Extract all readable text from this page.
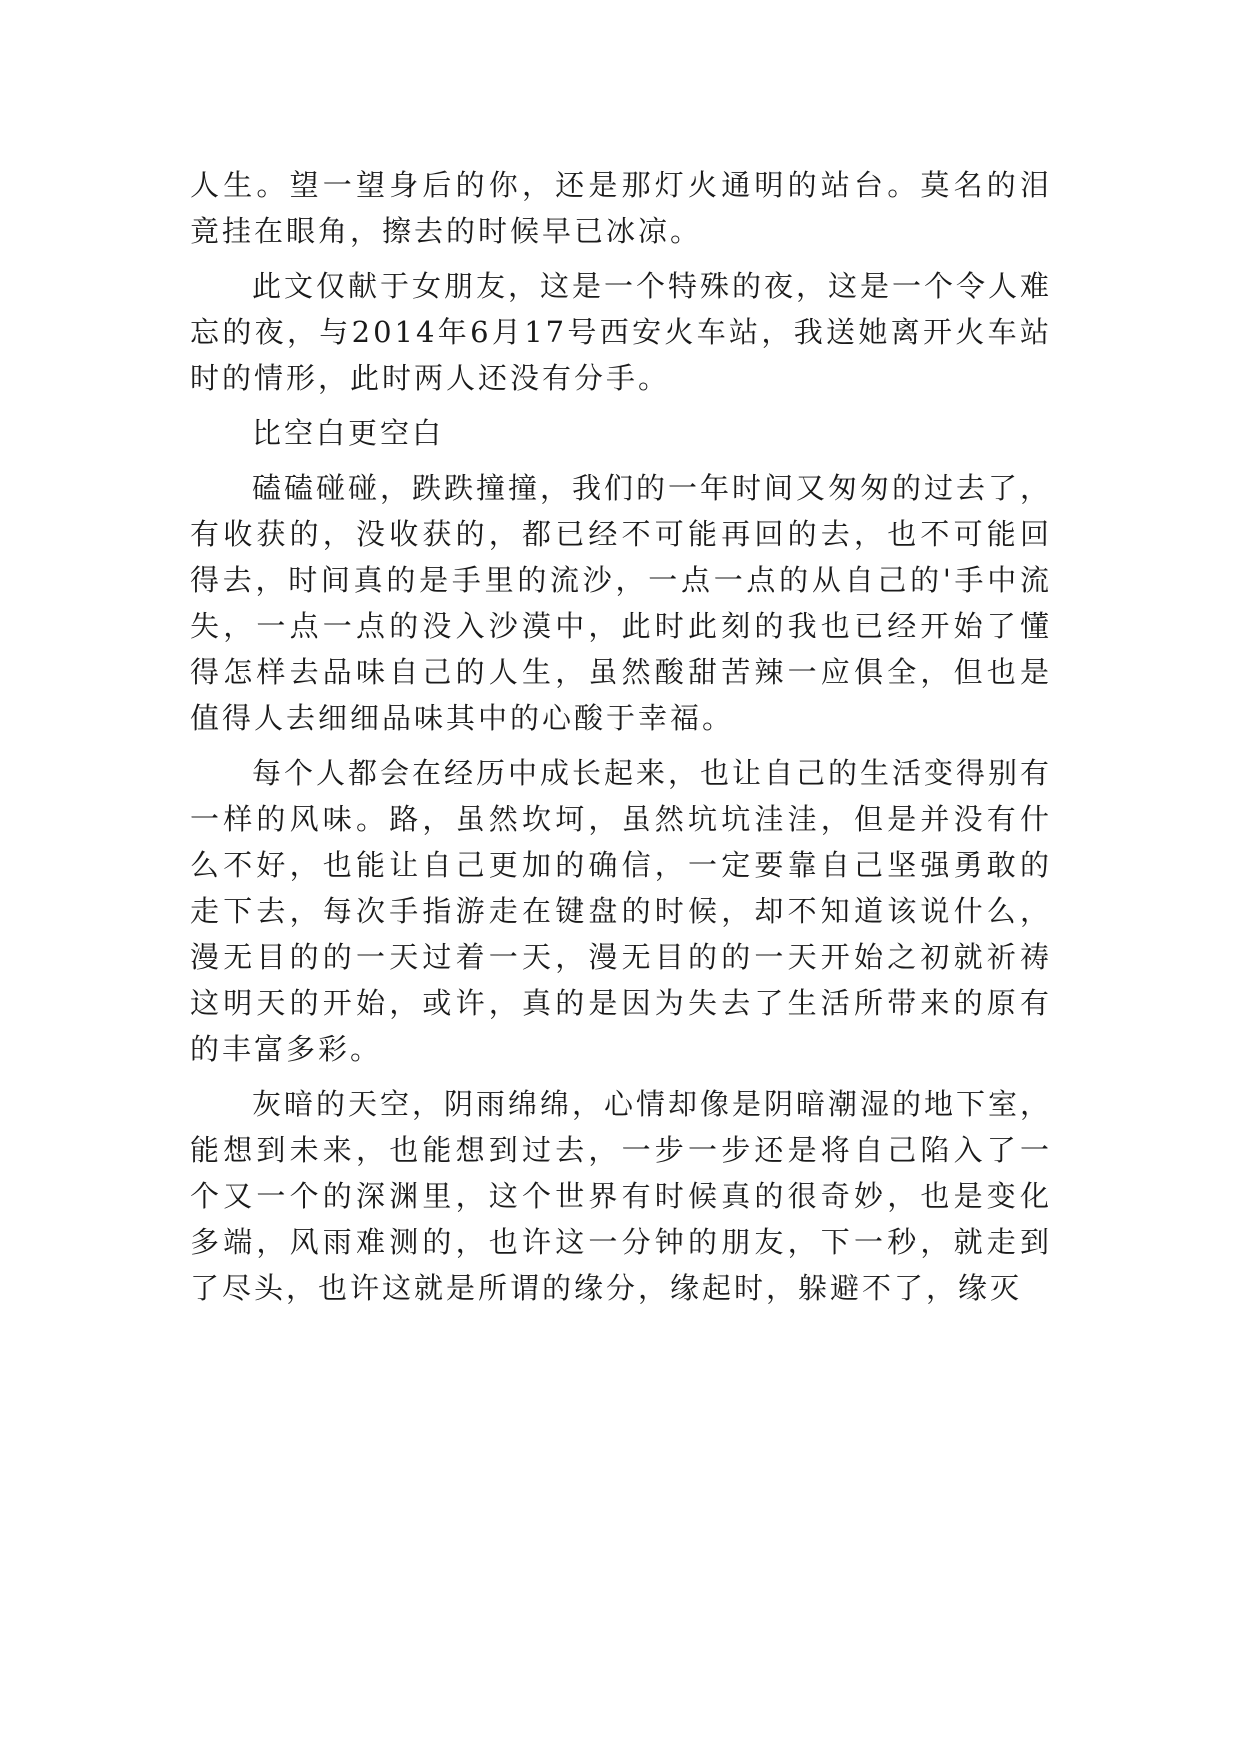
人生。望一望身后的你，还是那灯火通明的站台。莫名的泪竟挂在眼角，擦去的时候早已冰凉。

此文仅献于女朋友，这是一个特殊的夜，这是一个令人难忘的夜，与2014年6月17号西安火车站，我送她离开火车站时的情形，此时两人还没有分手。

比空白更空白

磕磕碰碰，跌跌撞撞，我们的一年时间又匆匆的过去了，有收获的，没收获的，都已经不可能再回的去，也不可能回得去，时间真的是手里的流沙，一点一点的从自己的'手中流失，一点一点的没入沙漠中，此时此刻的我也已经开始了懂得怎样去品味自己的人生，虽然酸甜苦辣一应俱全，但也是值得人去细细品味其中的心酸于幸福。

每个人都会在经历中成长起来，也让自己的生活变得别有一样的风味。路，虽然坎坷，虽然坑坑洼洼，但是并没有什么不好，也能让自己更加的确信，一定要靠自己坚强勇敢的走下去，每次手指游走在键盘的时候，却不知道该说什么，漫无目的的一天过着一天，漫无目的的一天开始之初就祈祷这明天的开始，或许，真的是因为失去了生活所带来的原有的丰富多彩。

灰暗的天空，阴雨绵绵，心情却像是阴暗潮湿的地下室，能想到未来，也能想到过去，一步一步还是将自己陷入了一个又一个的深渊里，这个世界有时候真的很奇妙，也是变化多端，风雨难测的，也许这一分钟的朋友，下一秒，就走到了尽头，也许这就是所谓的缘分，缘起时，躲避不了，缘灭
